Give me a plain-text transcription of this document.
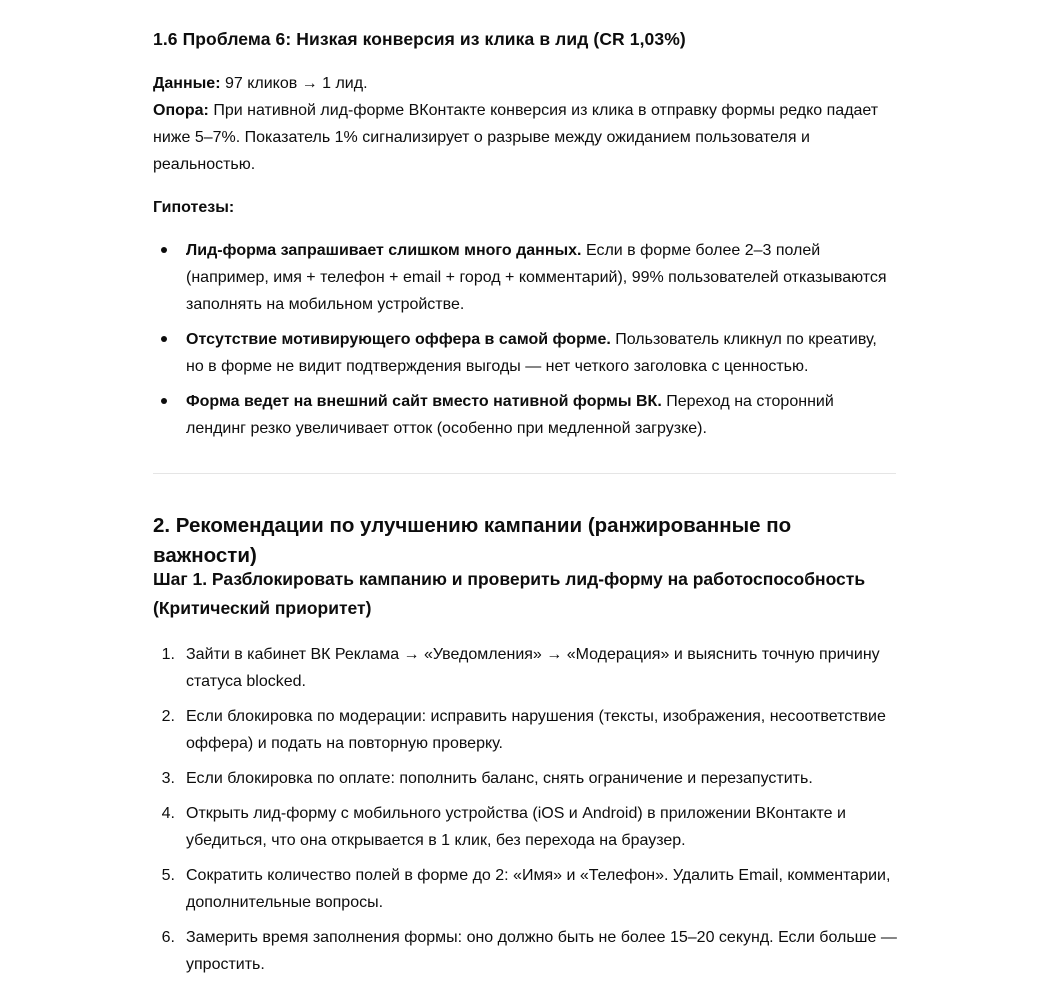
1.6 Проблема 6: Низкая конверсия из клика в лид (CR 1,03%)

Данные: 97 кликов → 1 лид.

Опора: При нативной лид-форме ВКонтакте конверсия из клика в отправку формы редко падает ниже 5–7%. Показатель 1% сигнализирует о разрыве между ожиданием пользователя и реальностью.

Гипотезы:

Лид-форма запрашивает слишком много данных. Если в форме более 2–3 полей (например, имя + телефон + email + город + комментарий), 99% пользователей отказываются заполнять на мобильном устройстве.
Отсутствие мотивирующего оффера в самой форме. Пользователь кликнул по креативу, но в форме не видит подтверждения выгоды — нет четкого заголовка с ценностью.
Форма ведет на внешний сайт вместо нативной формы ВК. Переход на сторонний лендинг резко увеличивает отток (особенно при медленной загрузке).
2. Рекомендации по улучшению кампании (ранжированные по важности)
Шаг 1. Разблокировать кампанию и проверить лид-форму на работоспособность (Критический приоритет)
1. Зайти в кабинет ВК Реклама → «Уведомления» → «Модерация» и выяснить точную причину статуса blocked.
2. Если блокировка по модерации: исправить нарушения (тексты, изображения, несоответствие оффера) и подать на повторную проверку.
3. Если блокировка по оплате: пополнить баланс, снять ограничение и перезапустить.
4. Открыть лид-форму с мобильного устройства (iOS и Android) в приложении ВКонтакте и убедиться, что она открывается в 1 клик, без перехода на браузер.
5. Сократить количество полей в форме до 2: «Имя» и «Телефон». Удалить Email, комментарии, дополнительные вопросы.
6. Замерить время заполнения формы: оно должно быть не более 15–20 секунд. Если больше — упростить.
